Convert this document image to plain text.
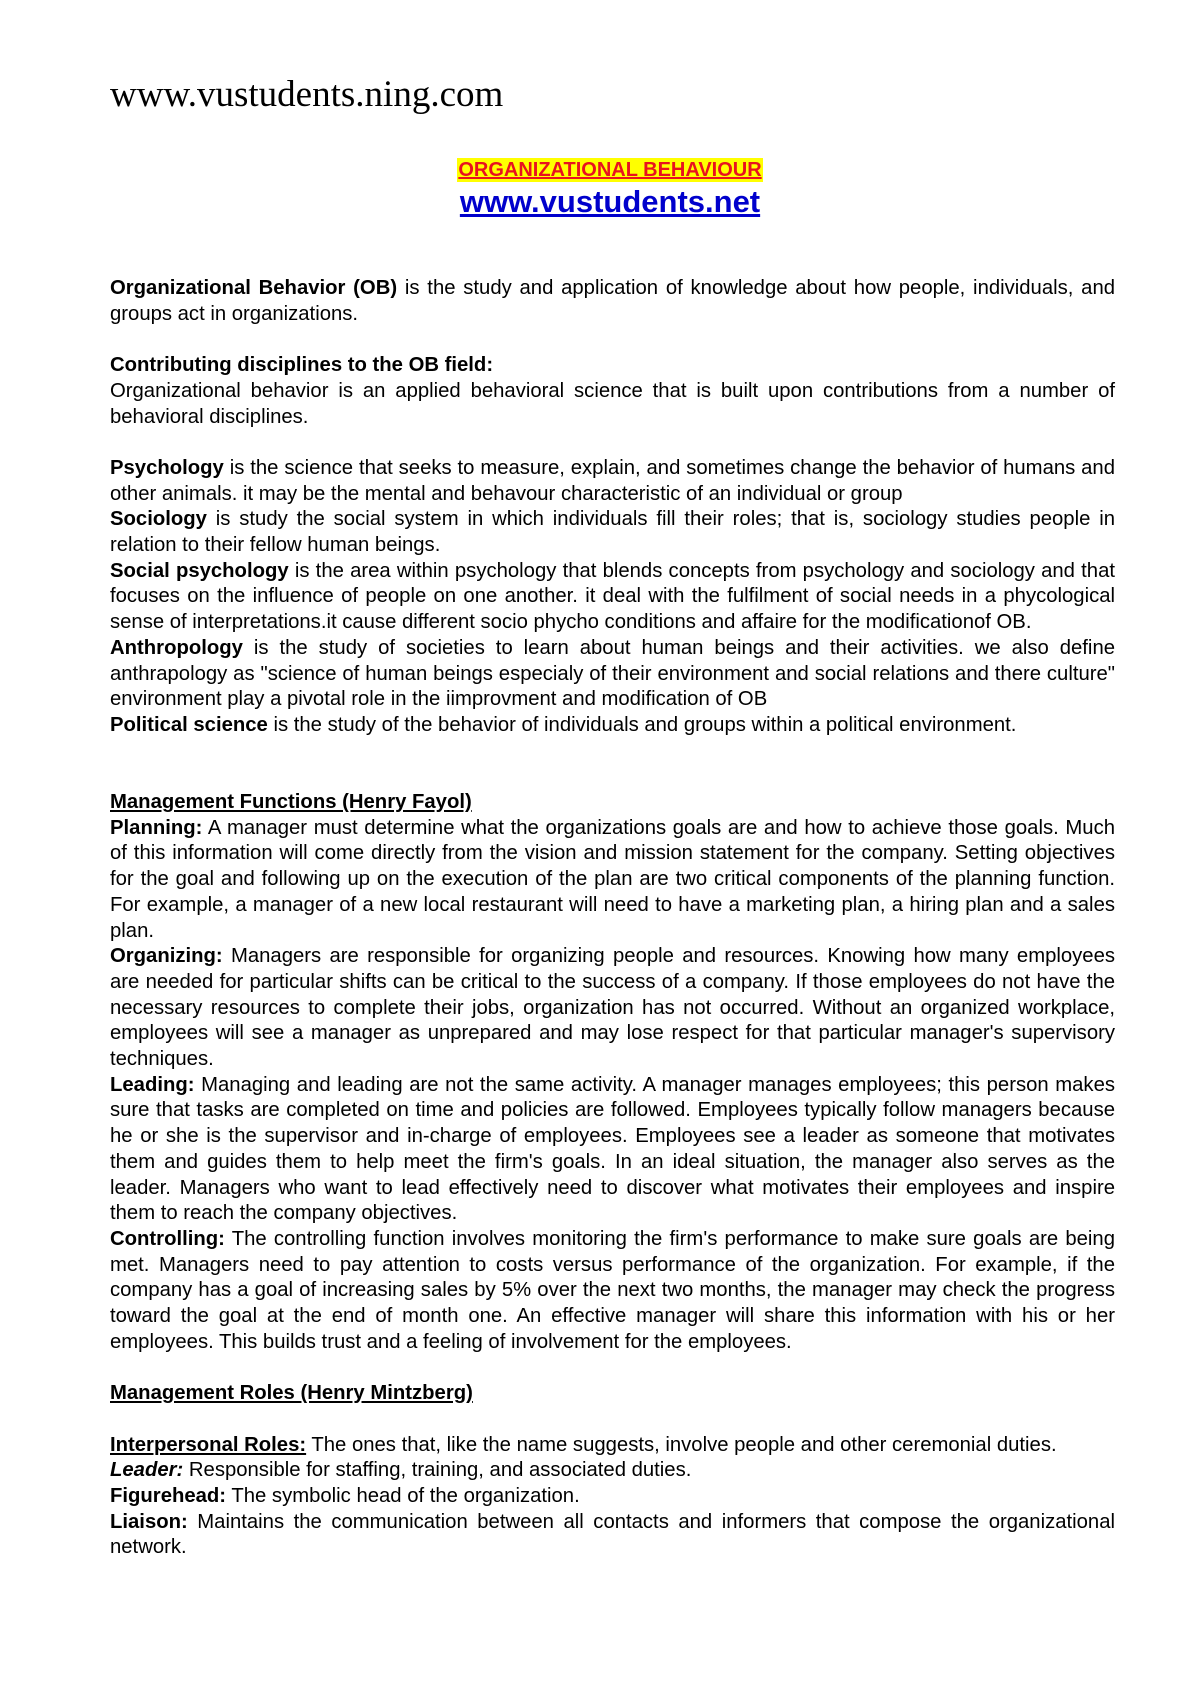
www.vustudents.ning.com
ORGANIZATIONAL BEHAVIOUR
www.vustudents.net

Organizational Behavior (OB) is the study and application of knowledge about how people, individuals, and groups act in organizations.

Contributing disciplines to the OB field:

Organizational behavior is an applied behavioral science that is built upon contributions from a number of behavioral disciplines.

Psychology is the science that seeks to measure, explain, and sometimes change the behavior of humans and other animals. it may be the mental and behavour characteristic of an individual or group

Sociology is study the social system in which individuals fill their roles; that is, sociology studies people in relation to their fellow human beings.

Social psychology is the area within psychology that blends concepts from psychology and sociology and that focuses on the influence of people on one another. it deal with the fulfilment of social needs in a phycological sense of interpretations.it cause different socio phycho conditions and affaire for the modificationof OB.

Anthropology is the study of societies to learn about human beings and their activities. we also define anthrapology as "science of human beings especialy of their environment and social relations and there culture" environment play a pivotal role in the iimprovment and modification of OB

Political science is the study of the behavior of individuals and groups within a political environment.

Management Functions (Henry Fayol)

Planning: A manager must determine what the organizations goals are and how to achieve those goals. Much of this information will come directly from the vision and mission statement for the company. Setting objectives for the goal and following up on the execution of the plan are two critical components of the planning function. For example, a manager of a new local restaurant will need to have a marketing plan, a hiring plan and a sales plan.

Organizing: Managers are responsible for organizing people and resources. Knowing how many employees are needed for particular shifts can be critical to the success of a company. If those employees do not have the necessary resources to complete their jobs, organization has not occurred. Without an organized workplace, employees will see a manager as unprepared and may lose respect for that particular manager's supervisory techniques.

Leading: Managing and leading are not the same activity. A manager manages employees; this person makes sure that tasks are completed on time and policies are followed. Employees typically follow managers because he or she is the supervisor and in-charge of employees. Employees see a leader as someone that motivates them and guides them to help meet the firm's goals. In an ideal situation, the manager also serves as the leader. Managers who want to lead effectively need to discover what motivates their employees and inspire them to reach the company objectives.

Controlling: The controlling function involves monitoring the firm's performance to make sure goals are being met. Managers need to pay attention to costs versus performance of the organization. For example, if the company has a goal of increasing sales by 5% over the next two months, the manager may check the progress toward the goal at the end of month one. An effective manager will share this information with his or her employees. This builds trust and a feeling of involvement for the employees.

Management Roles (Henry Mintzberg)

Interpersonal Roles: The ones that, like the name suggests, involve people and other ceremonial duties.

Leader: Responsible for staffing, training, and associated duties.

Figurehead: The symbolic head of the organization.

Liaison: Maintains the communication between all contacts and informers that compose the organizational network.
